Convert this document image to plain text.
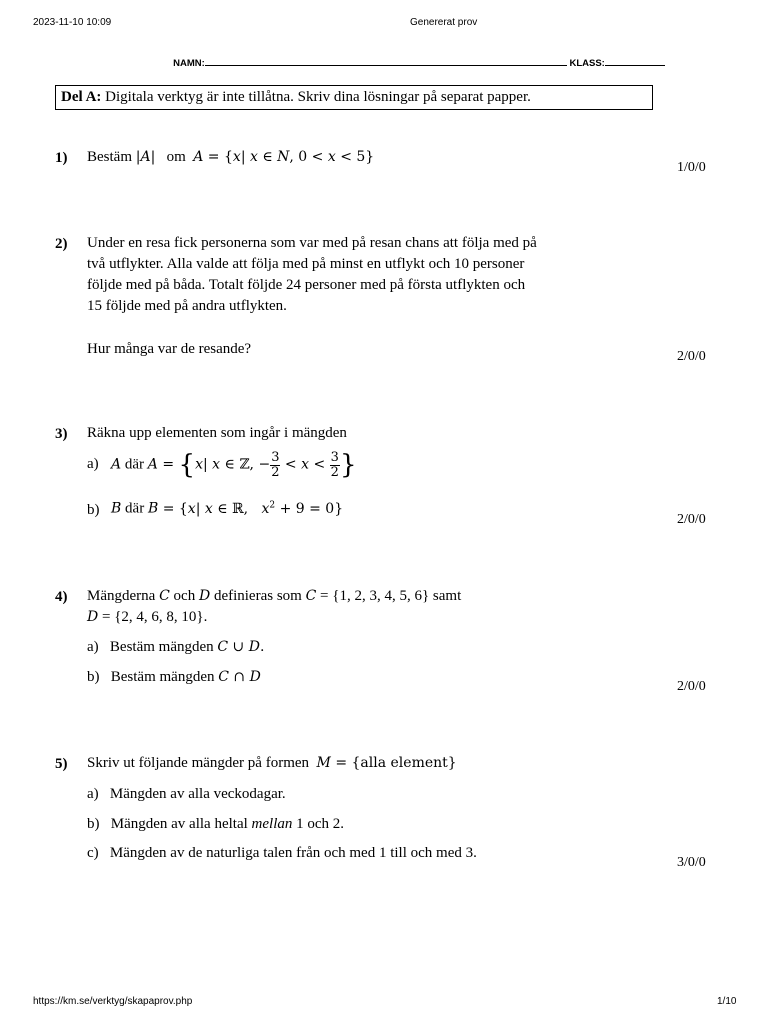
2023-11-10 10:09	Genererat prov
NAMN:	KLASS:
Del A: Digitala verktyg är inte tillåtna. Skriv dina lösningar på separat papper.
1) Bestäm |A| om A = {x| x ∈ N, 0 < x < 5}
1/0/0
2) Under en resa fick personerna som var med på resan chans att följa med på
två utflykter. Alla valde att följa med på minst en utflykt och 10 personer
följde med på båda. Totalt följde 24 personer med på första utflykten och
15 följde med på andra utflykten.
Hur många var de resande?	2/0/0
3) Räkna upp elementen som ingår i mängden
a) A där A = {x| x ∈ ℤ, − $\frac{3}{2} < x < \frac{3}{2}$ }
b) B där B = {x| x ∈ ℝ,   $x^2 + 9 = 0$}
2/0/0
4) Mängderna C och D definieras som C = {1, 2, 3, 4, 5, 6} samt
D = {2, 4, 6, 8, 10}.
a) Bestäm mängden C ∪ D.
b) Bestäm mängden C ∩ D
2/0/0
5) Skriv ut följande mängder på formen M = {alla element}
a) Mängden av alla veckodagar.
b) Mängden av alla heltal mellan 1 och 2.
c) Mängden av de naturliga talen från och med 1 till och med 3.
3/0/0
https://km.se/verktyg/skapaprov.php	1/10
